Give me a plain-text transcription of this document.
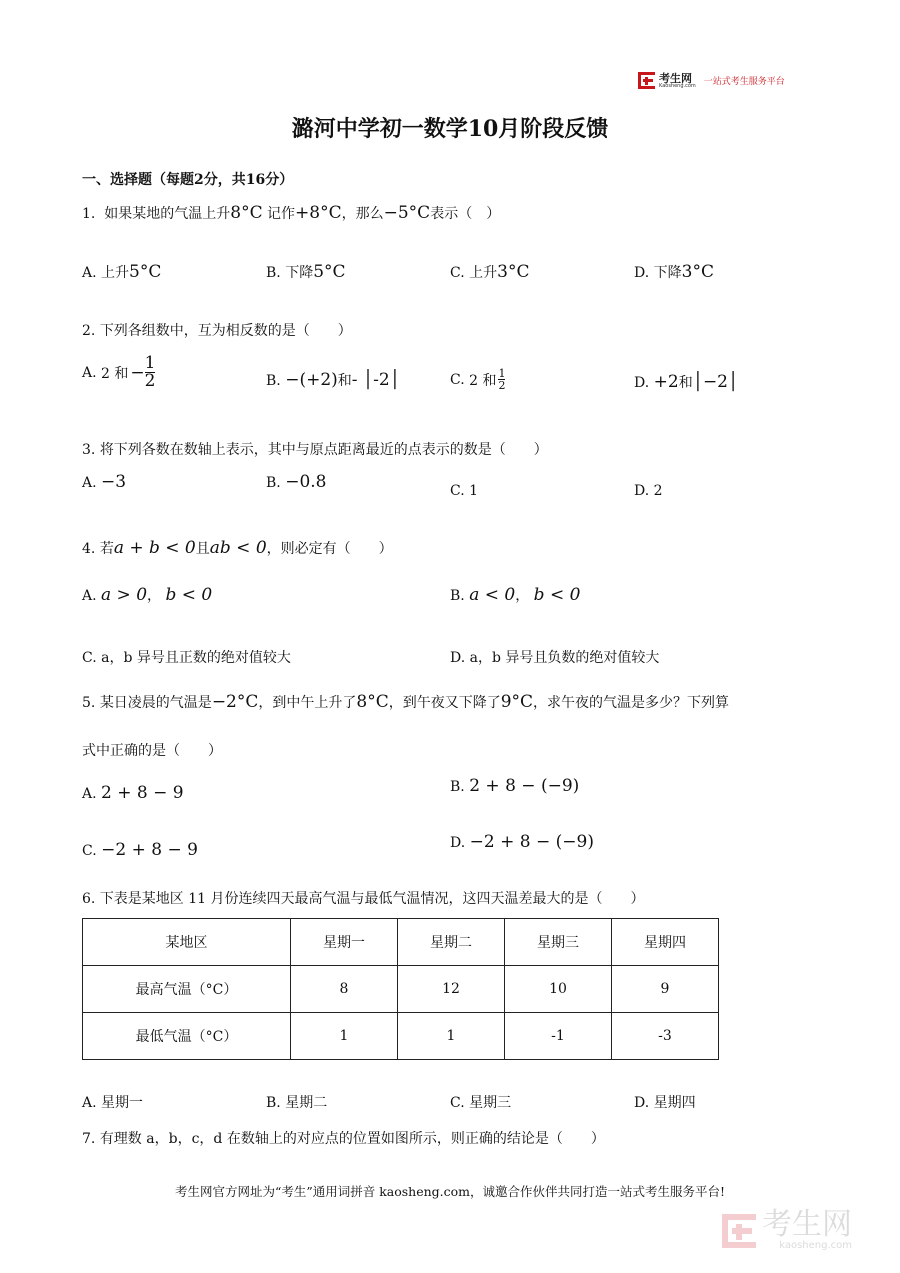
考生网
Kaosheng.com 一站式考生服务平台
潞河中学初一数学10月阶段反馈
一、选择题（每题2分，共16分）
1. 如果某地的气温上升8°C 记作+8°C，那么−5°C表示（　）
A. 上升5°C	B. 下降5°C	C. 上升3°C	D. 下降3°C
2. 下列各组数中，互为相反数的是（　　）
A.
2 和 − $\frac{1}{2}$	B. −(+2)和- │-2│	C.
2 和 $\frac{1}{2}$	D. +2和│−2│
3. 将下列各数在数轴上表示，其中与原点距离最近的点表示的数是（　　）
A. −3	B. −0.8	C. 1	D. 2
4. 若a + b < 0且ab < 0，则必定有（　　）
A. a > 0， b < 0	B. a < 0， b < 0
C. a，b 异号且正数的绝对值较大	D. a，b 异号且负数的绝对值较大
5. 某日凌晨的气温是−2°C，到中午上升了8°C，到午夜又下降了9°C，求午夜的气温是多少？下列算
式中正确的是（　　）
A. 2 + 8 − 9	B. 2 + 8 − (−9)
C. −2 + 8 − 9	D. −2 + 8 − (−9)
6. 下表是某地区 11 月份连续四天最高气温与最低气温情况，这四天温差最大的是（　　）
某地区	星期一	星期二	星期三	星期四
最高气温（°C）	8	12	10	9
最低气温（°C）	1	1	-1	-3
A. 星期一	B. 星期二	C. 星期三	D. 星期四
7. 有理数 a，b，c，d 在数轴上的对应点的位置如图所示，则正确的结论是（　　）
考生网官方网址为“考生”通用词拼音 kaosheng.com，诚邀合作伙伴共同打造一站式考生服务平台!
考生网
kaosheng.com
